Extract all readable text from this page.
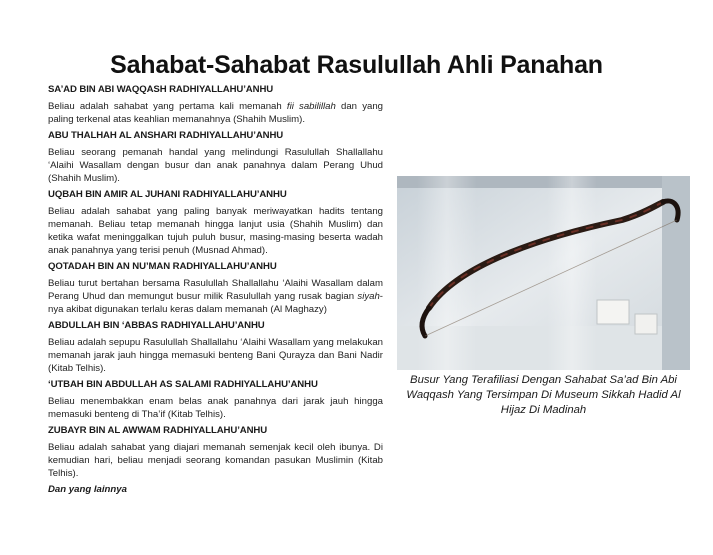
Sahabat-Sahabat Rasulullah Ahli Panahan
SA’AD BIN ABI WAQQASH RADHIYALLAHU’ANHU

Beliau adalah sahabat yang pertama kali memanah fii sabilillah dan yang paling terkenal atas keahlian memanahnya (Shahih Muslim).

ABU THALHAH AL ANSHARI RADHIYALLAHU’ANHU

Beliau seorang pemanah handal yang melindungi Rasulullah Shallallahu ‘Alaihi Wasallam dengan busur dan anak panahnya dalam Perang Uhud (Shahih Muslim).

UQBAH BIN AMIR AL JUHANI RADHIYALLAHU’ANHU

Beliau adalah sahabat yang paling banyak meriwayatkan hadits tentang memanah. Beliau tetap memanah hingga lanjut usia (Shahih Muslim) dan ketika wafat meninggalkan tujuh puluh busur, masing-masing beserta wadah anak panahnya yang terisi penuh (Musnad Ahmad).

QOTADAH BIN AN NU’MAN RADHIYALLAHU’ANHU

Beliau turut bertahan bersama Rasulullah Shallallahu ‘Alaihi Wasallam dalam Perang Uhud dan memungut busur milik Rasulullah yang rusak bagian siyah-nya akibat digunakan terlalu keras dalam memanah (Al Maghazy)

ABDULLAH BIN ‘ABBAS RADHIYALLAHU’ANHU

Beliau adalah sepupu Rasulullah Shallallahu ‘Alaihi Wasallam yang melakukan memanah jarak jauh hingga memasuki benteng Bani Qurayza dan Bani Nadir (Kitab Telhis).

‘UTBAH BIN ABDULLAH AS SALAMI RADHIYALLAHU’ANHU

Beliau menembakkan enam belas anak panahnya dari jarak jauh hingga memasuki benteng di Tha’if (Kitab Telhis).

ZUBAYR BIN AL AWWAM RADHIYALLAHU’ANHU

Beliau adalah sahabat yang diajari memanah semenjak kecil oleh ibunya. Di kemudian hari, beliau menjadi seorang komandan pasukan Muslimin (Kitab Telhis).

Dan yang lainnya
Busur Yang Terafiliasi Dengan Sahabat Sa’ad Bin Abi Waqqash Yang Tersimpan Di Museum Sikkah Hadid Al Hijaz Di Madinah
